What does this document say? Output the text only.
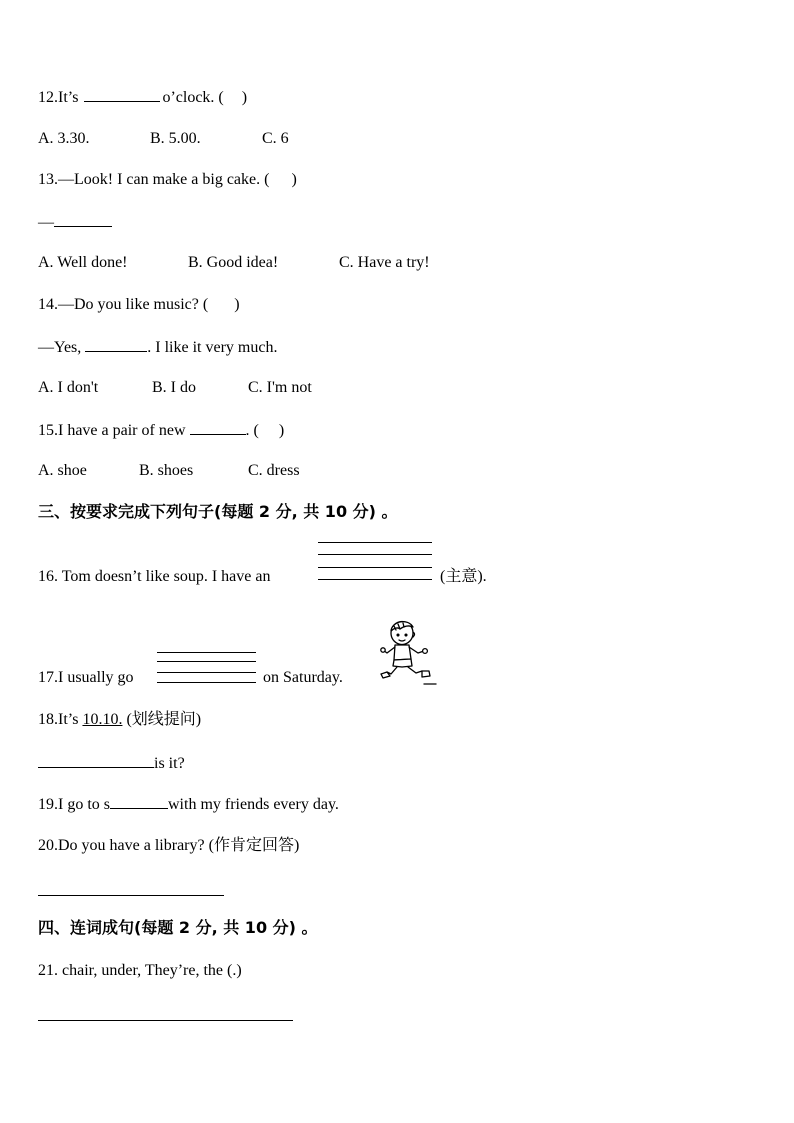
12.It’s	o’clock. ( )
A. 3.30.	B. 5.00.	C. 6
13.—Look! I can make a big cake. ( )
—
A. Well done!	B. Good idea!	C. Have a try!
14.—Do you like music? ( )
—Yes,	. I like it very much.
A. I don't	B. I do	C. I'm not
15.I have a pair of new	. ( )
A. shoe	B. shoes	C. dress
三、按要求完成下列句子(每题 2 分, 共 10 分) 。
16. Tom doesn’t like soup. I have an	(主意).
17.I usually go	on Saturday.
18.It’s 10.10. (划线提问)
is it?
19.I go to s	with my friends every day.
20.Do you have a library? (作肯定回答)
四、连词成句(每题 2 分, 共 10 分) 。
21. chair, under, They’re, the (.)
